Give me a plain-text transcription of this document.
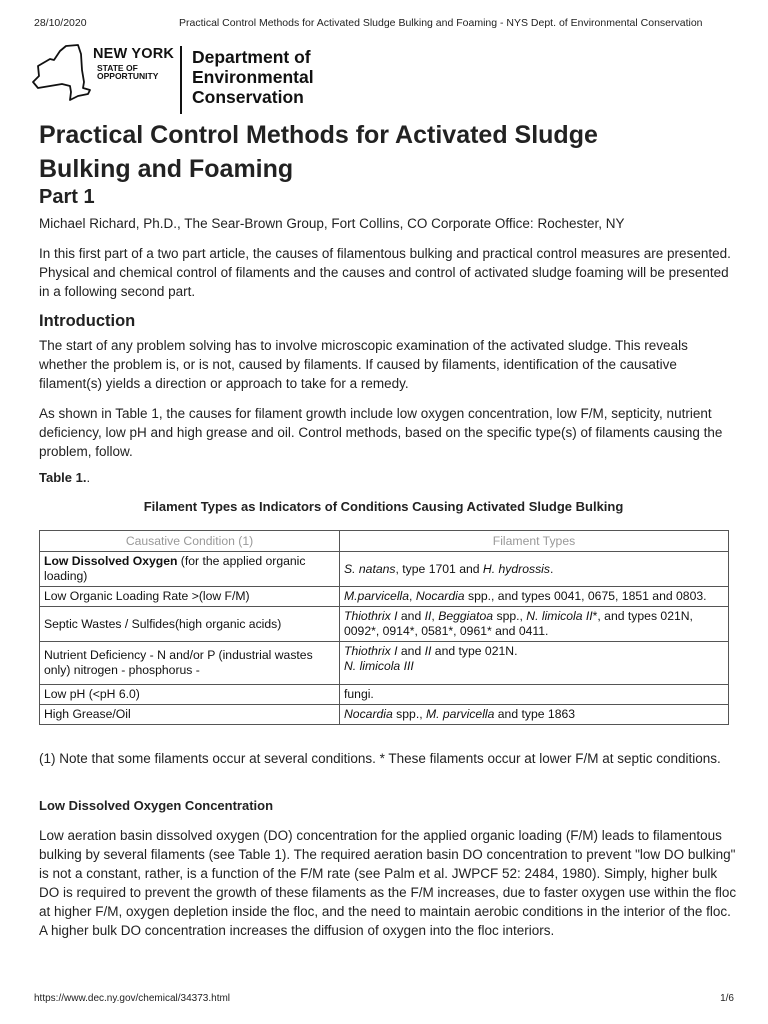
28/10/2020	Practical Control Methods for Activated Sludge Bulking and Foaming - NYS Dept. of Environmental Conservation
NEW YORK
STATE OF
OPPORTUNITY
Department of
Environmental
Conservation
Practical Control Methods for Activated Sludge
Bulking and Foaming
Part 1
Michael Richard, Ph.D., The Sear-Brown Group, Fort Collins, CO Corporate Office: Rochester, NY

In this first part of a two part article, the causes of filamentous bulking and practical control measures are presented. Physical and chemical control of filaments and the causes and control of activated sludge foaming will be presented in a following second part.

Introduction

The start of any problem solving has to involve microscopic examination of the activated sludge. This reveals whether the problem is, or is not, caused by filaments. If caused by filaments, identification of the causative filament(s) yields a direction or approach to take for a remedy.

As shown in Table 1, the causes for filament growth include low oxygen concentration, low F/M, septicity, nutrient deficiency, low pH and high grease and oil. Control methods, based on the specific type(s) of filaments causing the problem, follow.

Table 1..
Filament Types as Indicators of Conditions Causing Activated Sludge Bulking
Causative Condition (1)	Filament Types
Low Dissolved Oxygen (for the applied organic loading)	S. natans, type 1701 and H. hydrossis.
Low Organic Loading Rate >(low F/M)	M.parvicella, Nocardia spp., and types 0041, 0675, 1851 and 0803.
Septic Wastes / Sulfides(high organic acids)	Thiothrix I and II, Beggiatoa spp., N. limicola II*, and types 021N, 0092*, 0914*, 0581*, 0961* and 0411.
Nutrient Deficiency - N and/or P (industrial wastes only) nitrogen - phosphorus -	Thiothrix I and II and type 021N.
N. limicola III
Low pH (<pH 6.0)	fungi.
High Grease/Oil	Nocardia spp., M. parvicella and type 1863

(1) Note that some filaments occur at several conditions. * These filaments occur at lower F/M at septic conditions.

Low Dissolved Oxygen Concentration

Low aeration basin dissolved oxygen (DO) concentration for the applied organic loading (F/M) leads to filamentous bulking by several filaments (see Table 1). The required aeration basin DO concentration to prevent "low DO bulking" is not a constant, rather, is a function of the F/M rate (see Palm et al. JWPCF 52: 2484, 1980). Simply, higher bulk DO is required to prevent the growth of these filaments as the F/M increases, due to faster oxygen use within the floc at higher F/M, oxygen depletion inside the floc, and the need to maintain aerobic conditions in the interior of the floc. A higher bulk DO concentration increases the diffusion of oxygen into the floc interiors.

https://www.dec.ny.gov/chemical/34373.html	1/6
